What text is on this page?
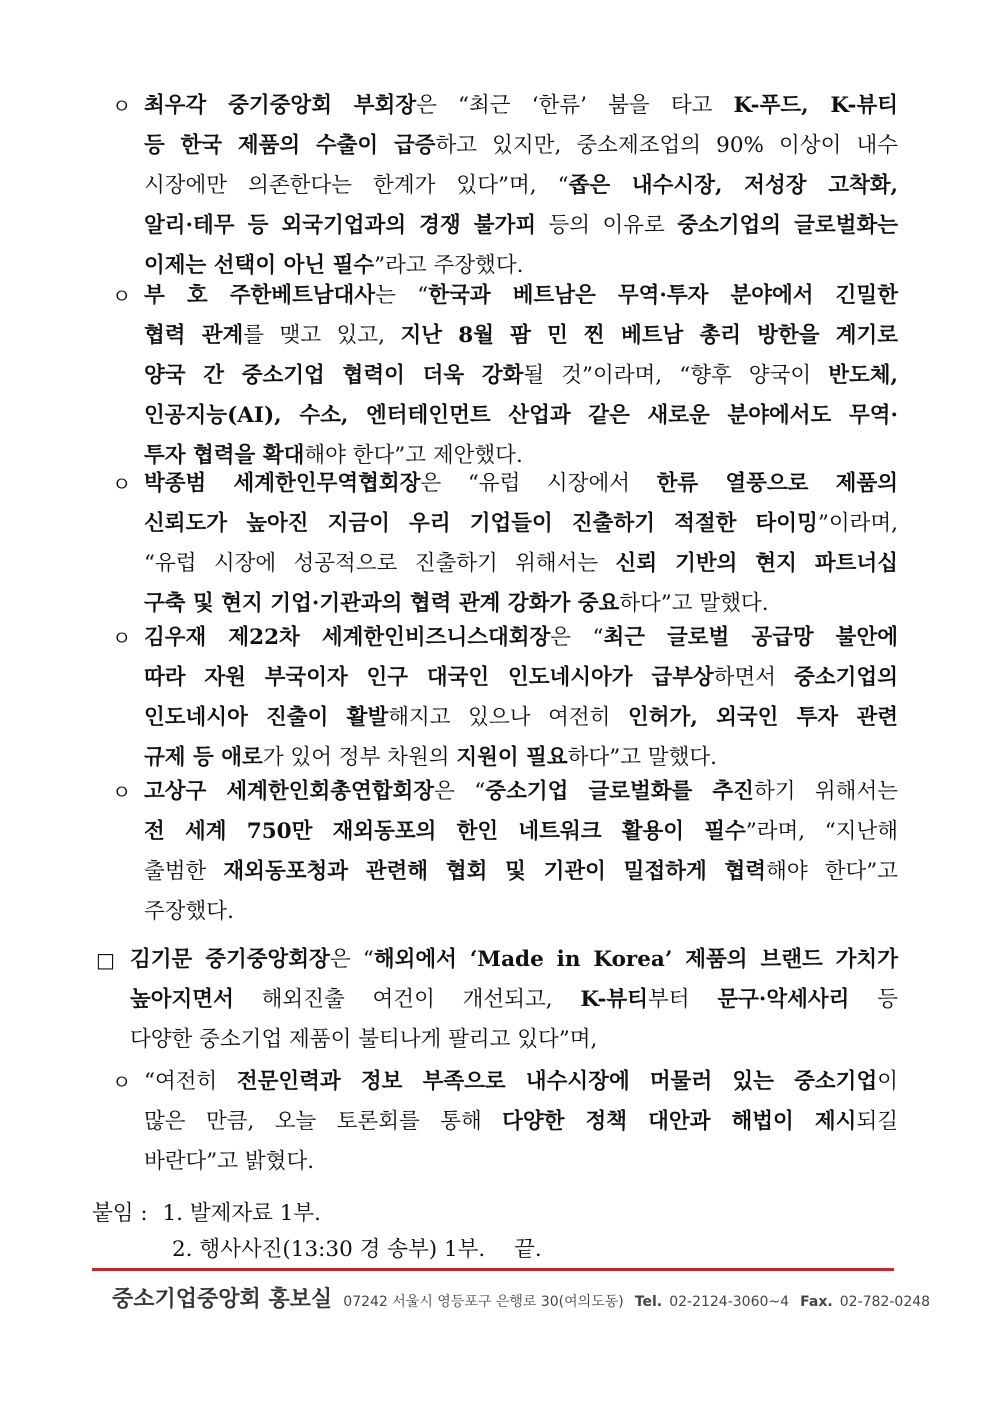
ㅇ 최우각 중기중앙회 부회장은 “최근 ‘한류’ 붐을 타고 K-푸드, K-뷰티
등 한국 제품의 수출이 급증하고 있지만, 중소제조업의 90% 이상이 내수
시장에만 의존한다는 한계가 있다”며, “좁은 내수시장, 저성장 고착화,
알리·테무 등 외국기업과의 경쟁 불가피 등의 이유로 중소기업의 글로벌화는
이제는 선택이 아닌 필수”라고 주장했다.
ㅇ 부 호 주한베트남대사는 “한국과 베트남은 무역·투자 분야에서 긴밀한
협력 관계를 맺고 있고, 지난 8월 팜 민 찐 베트남 총리 방한을 계기로
양국 간 중소기업 협력이 더욱 강화될 것”이라며, “향후 양국이 반도체,
인공지능(AI), 수소, 엔터테인먼트 산업과 같은 새로운 분야에서도 무역·
투자 협력을 확대해야 한다”고 제안했다.
ㅇ 박종범 세계한인무역협회장은 “유럽 시장에서 한류 열풍으로 제품의
신뢰도가 높아진 지금이 우리 기업들이 진출하기 적절한 타이밍”이라며,
“유럽 시장에 성공적으로 진출하기 위해서는 신뢰 기반의 현지 파트너십
구축 및 현지 기업·기관과의 협력 관계 강화가 중요하다”고 말했다.
ㅇ 김우재 제22차 세계한인비즈니스대회장은 “최근 글로벌 공급망 불안에
따라 자원 부국이자 인구 대국인 인도네시아가 급부상하면서 중소기업의
인도네시아 진출이 활발해지고 있으나 여전히 인허가, 외국인 투자 관련
규제 등 애로가 있어 정부 차원의 지원이 필요하다”고 말했다.
ㅇ 고상구 세계한인회총연합회장은 “중소기업 글로벌화를 추진하기 위해서는
전 세계 750만 재외동포의 한인 네트워크 활용이 필수”라며, “지난해
출범한 재외동포청과 관련해 협회 및 기관이 밀접하게 협력해야 한다”고
주장했다.
□ 김기문 중기중앙회장은 “해외에서 ‘Made in Korea’ 제품의 브랜드 가치가
높아지면서 해외진출 여건이 개선되고, K-뷰티부터 문구·악세사리 등
다양한 중소기업 제품이 불티나게 팔리고 있다”며,
ㅇ “여전히 전문인력과 정보 부족으로 내수시장에 머물러 있는 중소기업이
많은 만큼, 오늘 토론회를 통해 다양한 정책 대안과 해법이 제시되길
바란다”고 밝혔다.
붙임 : 1. 발제자료 1부.
2. 행사사진(13:30 경 송부) 1부. 끝.
중소기업중앙회 홍보실 07242 서울시 영등포구 은행로 30(여의도동) Tel. 02-2124-3060~4 Fax. 02-782-0248
